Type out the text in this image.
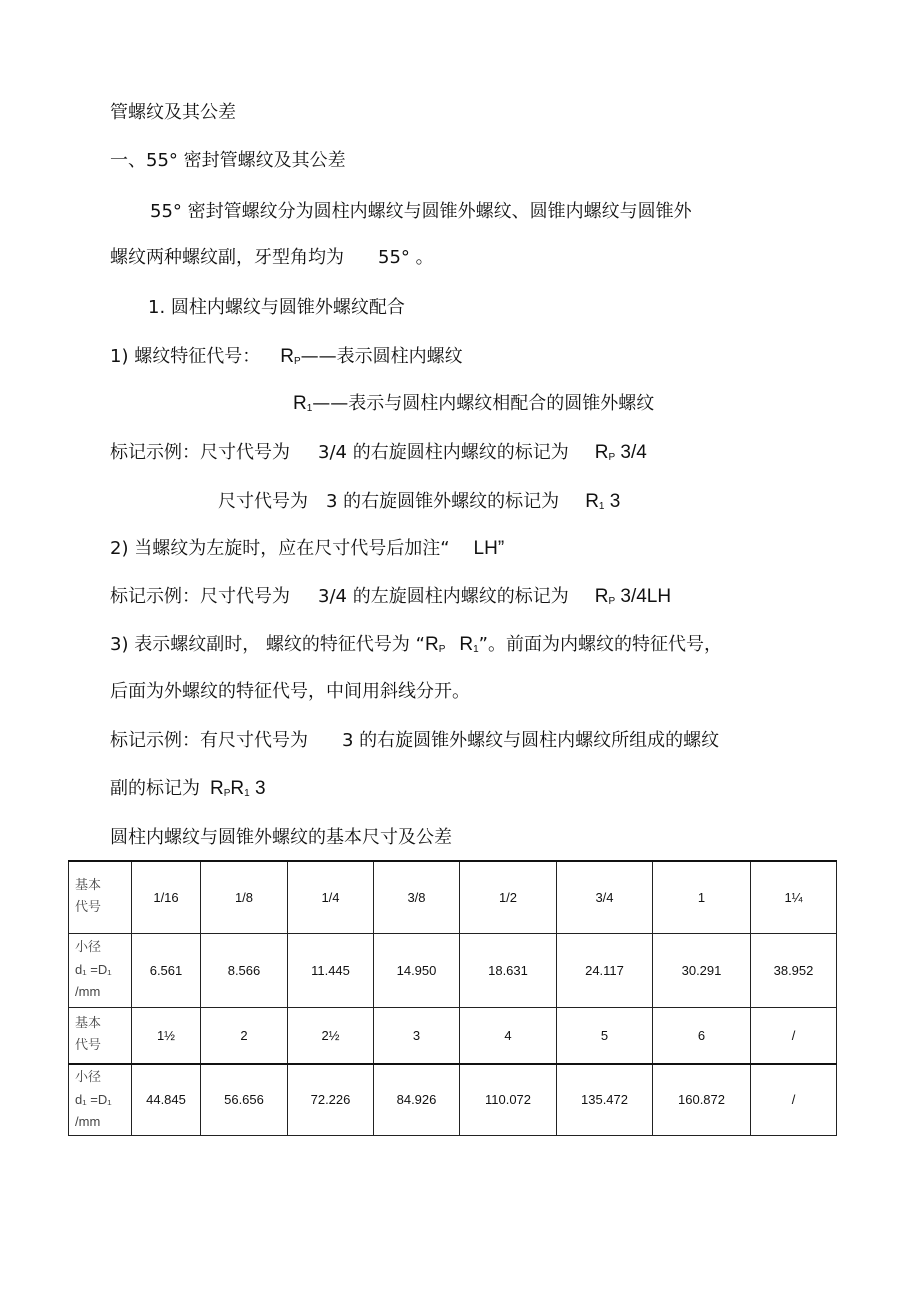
管螺纹及其公差
一、55° 密封管螺纹及其公差
55° 密封管螺纹分为圆柱内螺纹与圆锥外螺纹、圆锥内螺纹与圆锥外
螺纹两种螺纹副，牙型角均为 55° 。
1. 圆柱内螺纹与圆锥外螺纹配合
1) 螺纹特征代号： $R_P——$表示圆柱内螺纹
$R_1——$表示与圆柱内螺纹相配合的圆锥外螺纹
标记示例：尺寸代号为 3/4 的右旋圆柱内螺纹的标记为 $R_P$ 3/4
尺寸代号为 3 的右旋圆锥外螺纹的标记为 $R_1$ 3
2) 当螺纹为左旋时，应在尺寸代号后加注“ LH”
标记示例：尺寸代号为 3/4 的左旋圆柱内螺纹的标记为 $R_P$ 3/4LH
3) 表示螺纹副时， 螺纹的特征代号为 “$R_P$ $R_1$”。前面为内螺纹的特征代号，
后面为外螺纹的特征代号，中间用斜线分开。
标记示例：有尺寸代号为 3 的右旋圆锥外螺纹与圆柱内螺纹所组成的螺纹
副的标记为 $R_PR_1$ 3
圆柱内螺纹与圆锥外螺纹的基本尺寸及公差
基本
代号	1/16	1/8	1/4	3/8	1/2	3/4	1	1¼

小径
d₁ =D₁
/mm	6.561	8.566	11.445	14.950	18.631	24.117	30.291	38.952

基本
代号	1½	2	2½	3	4	5	6	/

小径
d₁ =D₁
/mm	44.845	56.656	72.226	84.926	110.072	135.472	160.872	/
